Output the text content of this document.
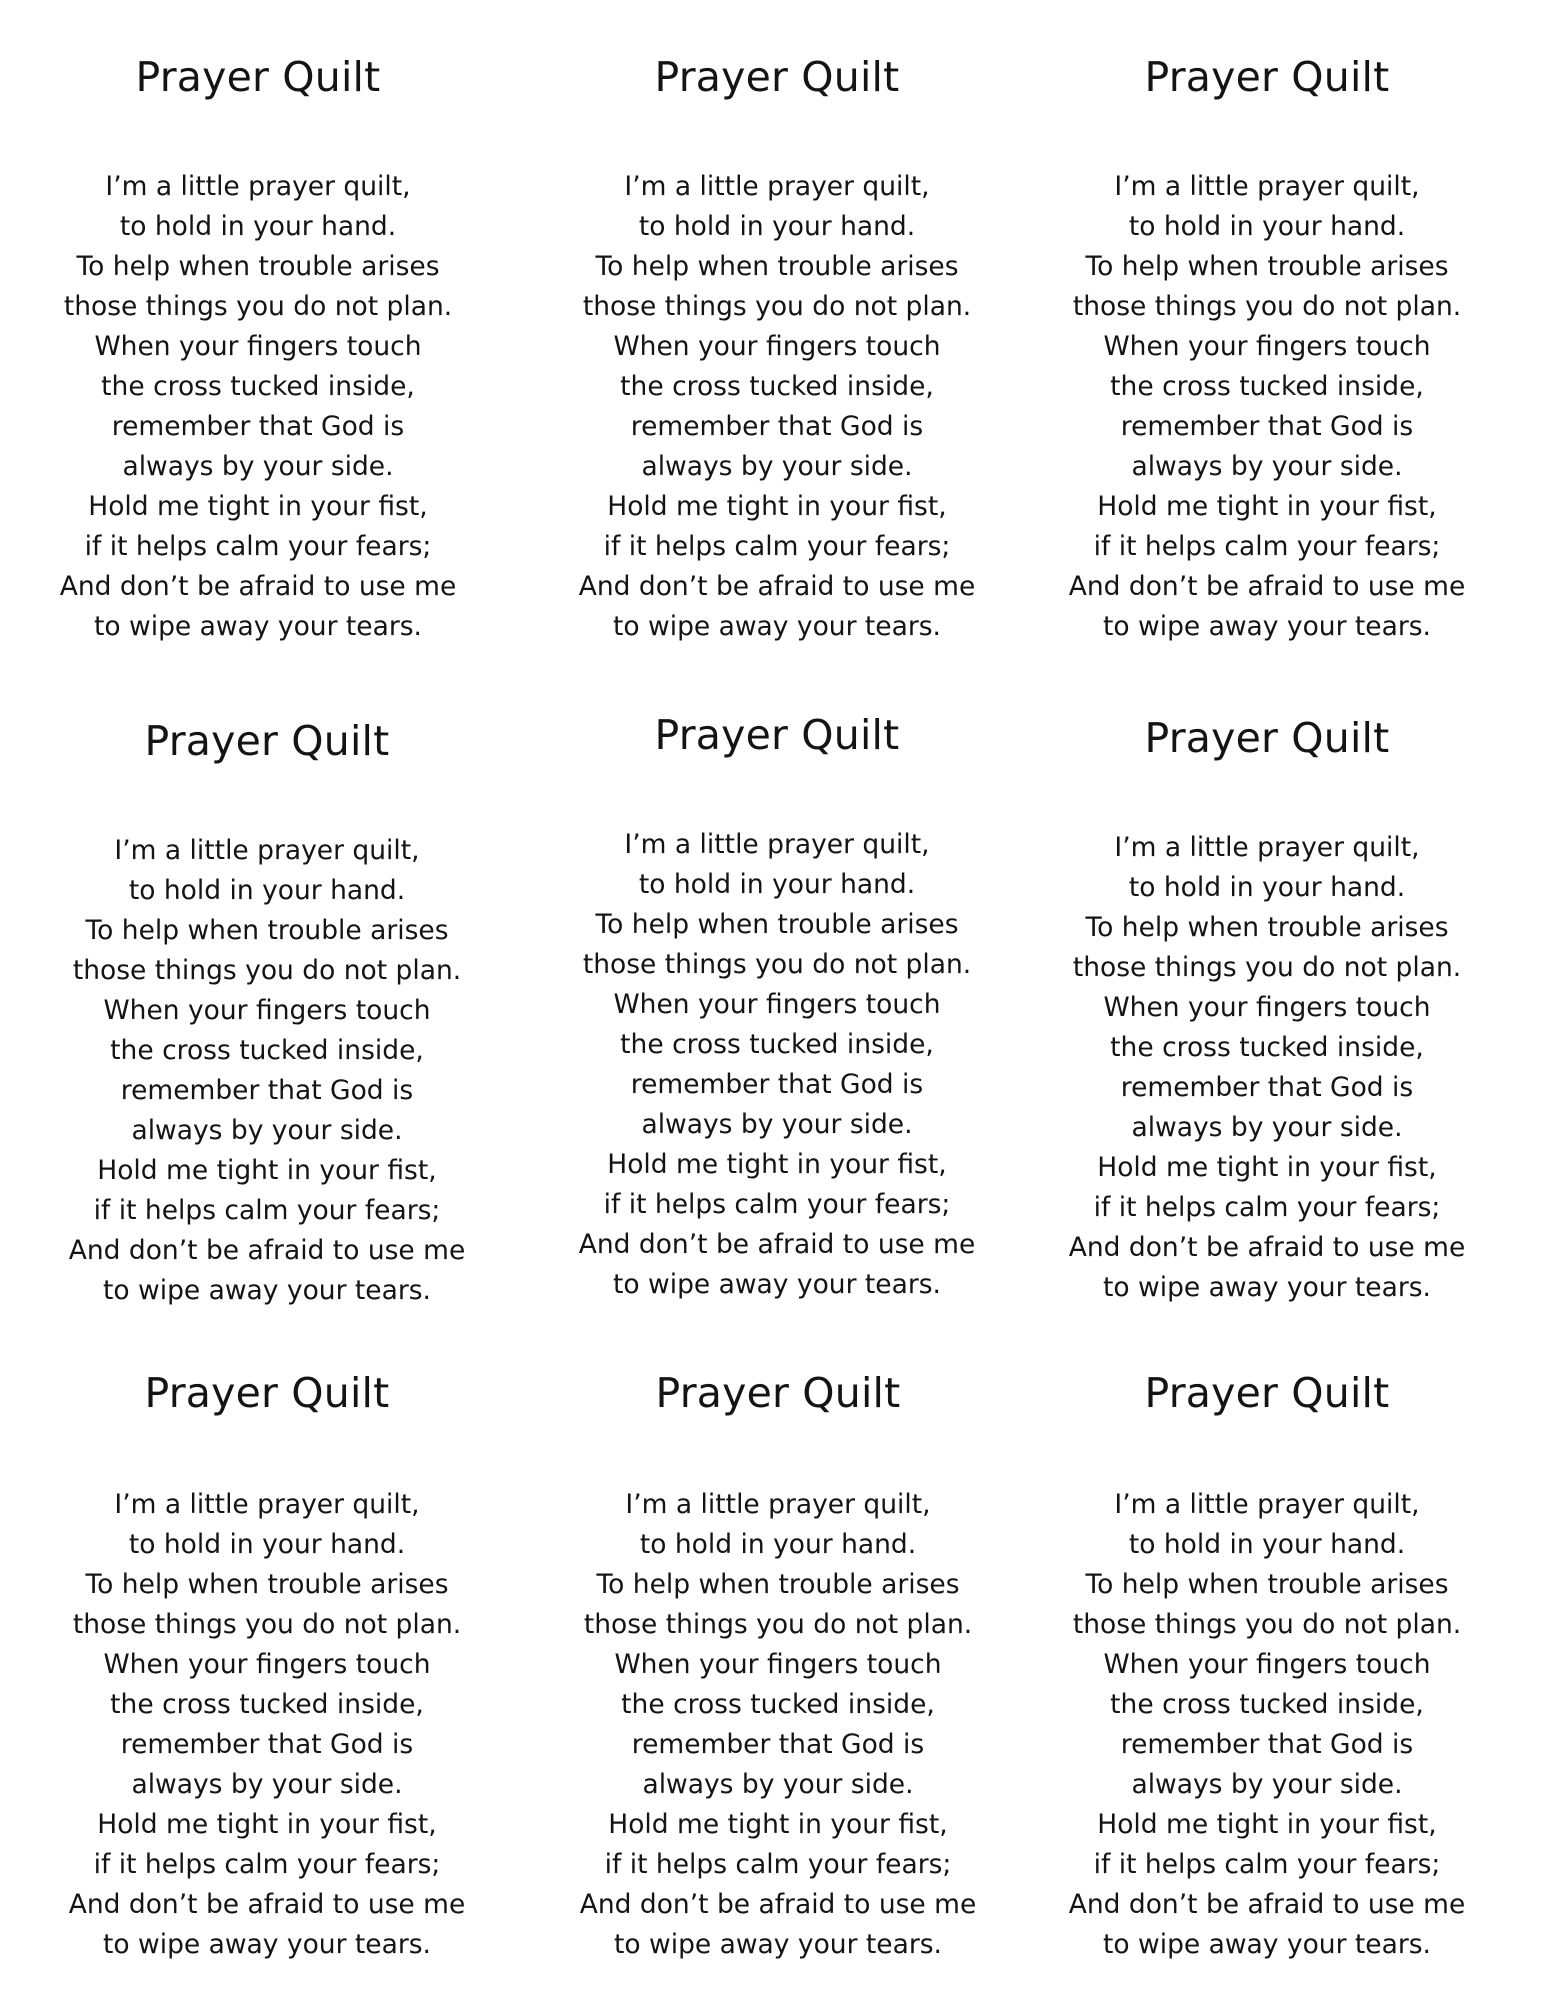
Prayer Quilt
I’m a little prayer quilt,
to hold in your hand.
To help when trouble arises
those things you do not plan.
When your fingers touch
the cross tucked inside,
remember that God is
always by your side.
Hold me tight in your fist,
if it helps calm your fears;
And don’t be afraid to use me
to wipe away your tears.
Prayer Quilt
I’m a little prayer quilt,
to hold in your hand.
To help when trouble arises
those things you do not plan.
When your fingers touch
the cross tucked inside,
remember that God is
always by your side.
Hold me tight in your fist,
if it helps calm your fears;
And don’t be afraid to use me
to wipe away your tears.
Prayer Quilt
I’m a little prayer quilt,
to hold in your hand.
To help when trouble arises
those things you do not plan.
When your fingers touch
the cross tucked inside,
remember that God is
always by your side.
Hold me tight in your fist,
if it helps calm your fears;
And don’t be afraid to use me
to wipe away your tears.
Prayer Quilt
I’m a little prayer quilt,
to hold in your hand.
To help when trouble arises
those things you do not plan.
When your fingers touch
the cross tucked inside,
remember that God is
always by your side.
Hold me tight in your fist,
if it helps calm your fears;
And don’t be afraid to use me
to wipe away your tears.
Prayer Quilt
I’m a little prayer quilt,
to hold in your hand.
To help when trouble arises
those things you do not plan.
When your fingers touch
the cross tucked inside,
remember that God is
always by your side.
Hold me tight in your fist,
if it helps calm your fears;
And don’t be afraid to use me
to wipe away your tears.
Prayer Quilt
I’m a little prayer quilt,
to hold in your hand.
To help when trouble arises
those things you do not plan.
When your fingers touch
the cross tucked inside,
remember that God is
always by your side.
Hold me tight in your fist,
if it helps calm your fears;
And don’t be afraid to use me
to wipe away your tears.
Prayer Quilt
I’m a little prayer quilt,
to hold in your hand.
To help when trouble arises
those things you do not plan.
When your fingers touch
the cross tucked inside,
remember that God is
always by your side.
Hold me tight in your fist,
if it helps calm your fears;
And don’t be afraid to use me
to wipe away your tears.
Prayer Quilt
I’m a little prayer quilt,
to hold in your hand.
To help when trouble arises
those things you do not plan.
When your fingers touch
the cross tucked inside,
remember that God is
always by your side.
Hold me tight in your fist,
if it helps calm your fears;
And don’t be afraid to use me
to wipe away your tears.
Prayer Quilt
I’m a little prayer quilt,
to hold in your hand.
To help when trouble arises
those things you do not plan.
When your fingers touch
the cross tucked inside,
remember that God is
always by your side.
Hold me tight in your fist,
if it helps calm your fears;
And don’t be afraid to use me
to wipe away your tears.
